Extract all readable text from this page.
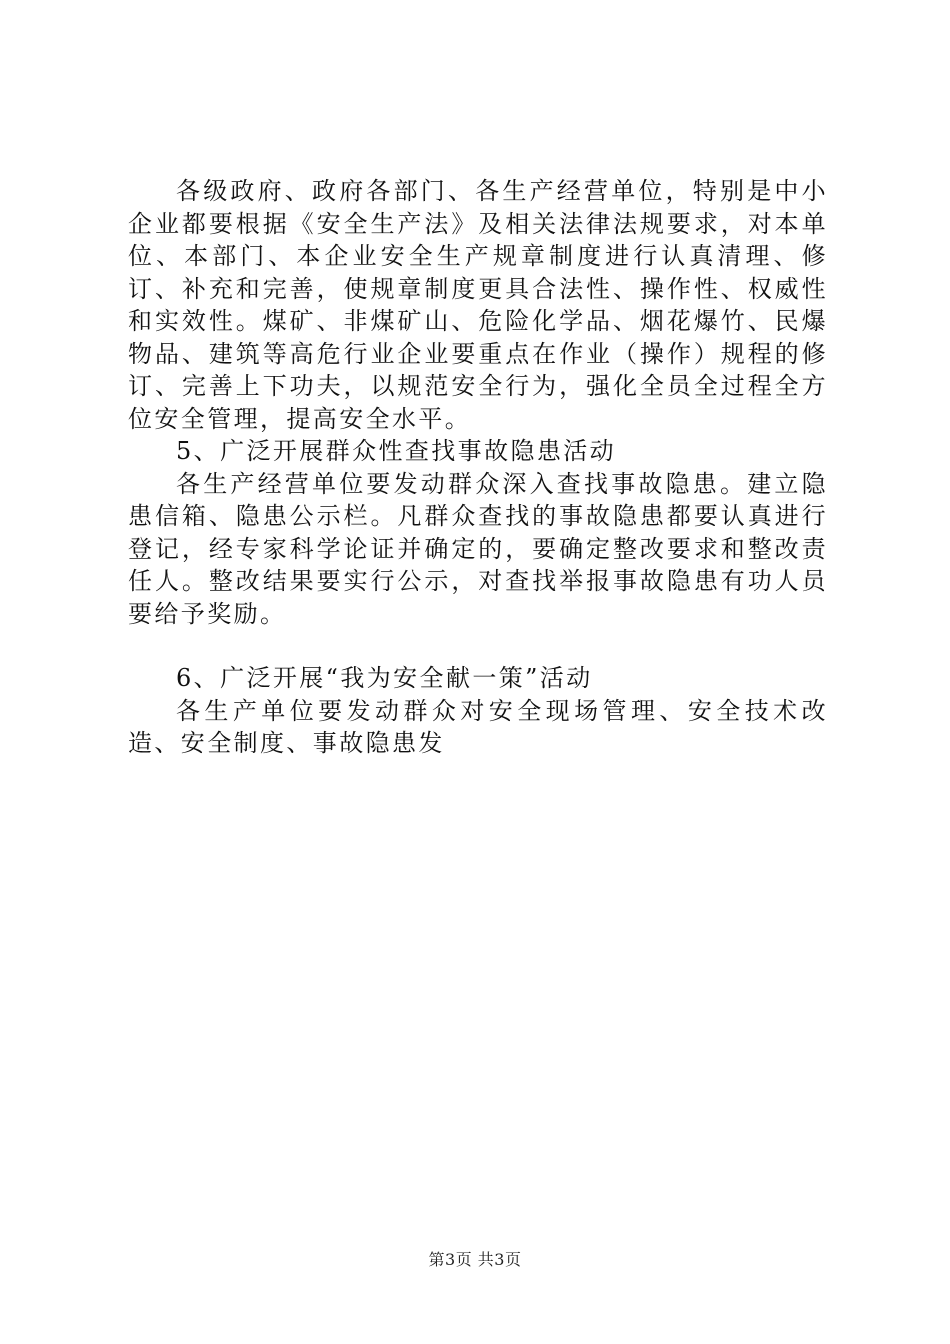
各级政府、政府各部门、各生产经营单位，特别是中小企业都要根据《安全生产法》及相关法律法规要求，对本单位、本部门、本企业安全生产规章制度进行认真清理、修订、补充和完善，使规章制度更具合法性、操作性、权威性和实效性。煤矿、非煤矿山、危险化学品、烟花爆竹、民爆物品、建筑等高危行业企业要重点在作业（操作）规程的修订、完善上下功夫，以规范安全行为，强化全员全过程全方位安全管理，提高安全水平。

5、广泛开展群众性查找事故隐患活动

各生产经营单位要发动群众深入查找事故隐患。建立隐患信箱、隐患公示栏。凡群众查找的事故隐患都要认真进行登记，经专家科学论证并确定的，要确定整改要求和整改责任人。整改结果要实行公示，对查找举报事故隐患有功人员要给予奖励。

6、广泛开展“我为安全献一策”活动

各生产单位要发动群众对安全现场管理、安全技术改造、安全制度、事故隐患发

第3页 共3页
